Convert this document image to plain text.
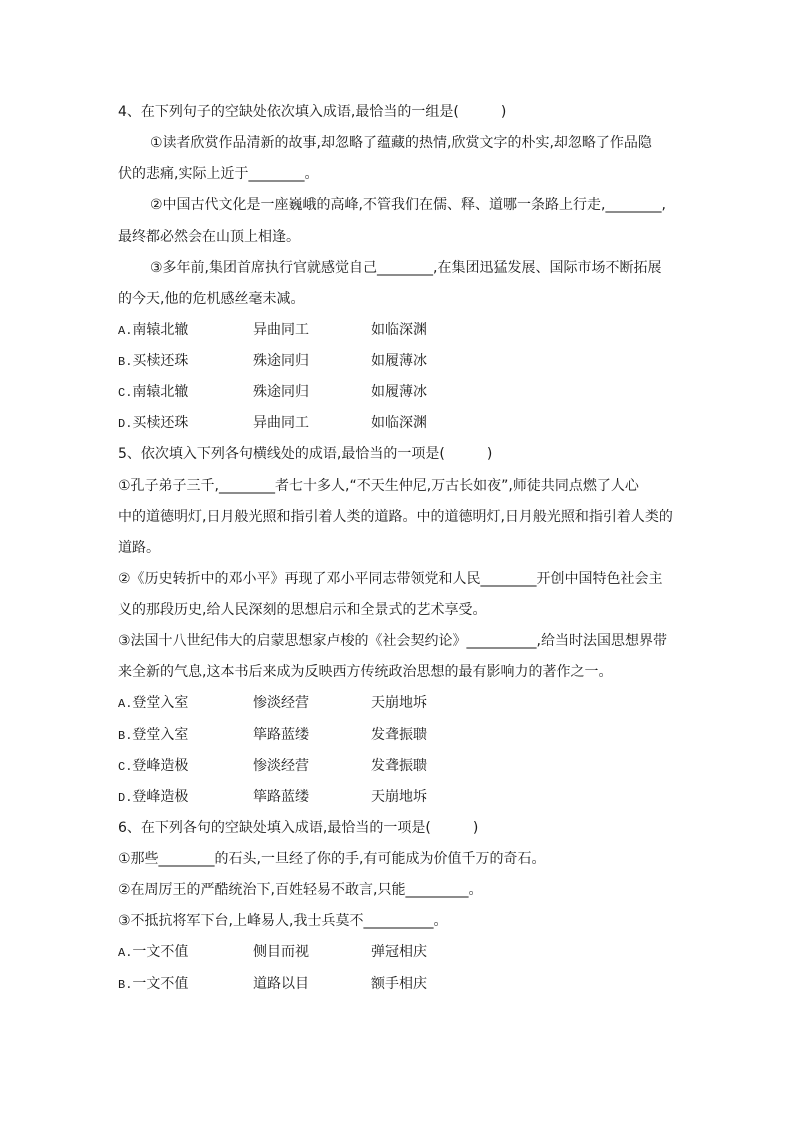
4、在下列句子的空缺处依次填入成语,最恰当的一组是(　　　)
①读者欣赏作品清新的故事,却忽略了蕴藏的热情,欣赏文字的朴实,却忽略了作品隐
伏的悲痛,实际上近于________。
②中国古代文化是一座巍峨的高峰,不管我们在儒、释、道哪一条路上行走,________,
最终都必然会在山顶上相逢。
③多年前,集团首席执行官就感觉自己________,在集团迅猛发展、国际市场不断拓展
的今天,他的危机感丝毫未减。
A.南辕北辙	异曲同工	如临深渊
B.买椟还珠	殊途同归	如履薄冰
C.南辕北辙	殊途同归	如履薄冰
D.买椟还珠	异曲同工	如临深渊
5、依次填入下列各句横线处的成语,最恰当的一项是(　　　)
①孔子弟子三千,________者七十多人,“不天生仲尼,万古长如夜”,师徒共同点燃了人心
中的道德明灯,日月般光照和指引着人类的道路。中的道德明灯,日月般光照和指引着人类的
道路。
②《历史转折中的邓小平》再现了邓小平同志带领党和人民________开创中国特色社会主
义的那段历史,给人民深刻的思想启示和全景式的艺术享受。
③法国十八世纪伟大的启蒙思想家卢梭的《社会契约论》__________,给当时法国思想界带
来全新的气息,这本书后来成为反映西方传统政治思想的最有影响力的著作之一。
A.登堂入室	惨淡经营	天崩地坼
B.登堂入室	筚路蓝缕	发聋振聩
C.登峰造极	惨淡经营	发聋振聩
D.登峰造极	筚路蓝缕	天崩地坼
6、在下列各句的空缺处填入成语,最恰当的一项是(　　　)
①那些________的石头,一旦经了你的手,有可能成为价值千万的奇石。
②在周厉王的严酷统治下,百姓轻易不敢言,只能_________。
③不抵抗将军下台,上峰易人,我士兵莫不__________。
A.一文不值	侧目而视	弹冠相庆
B.一文不值	道路以目	额手相庆
